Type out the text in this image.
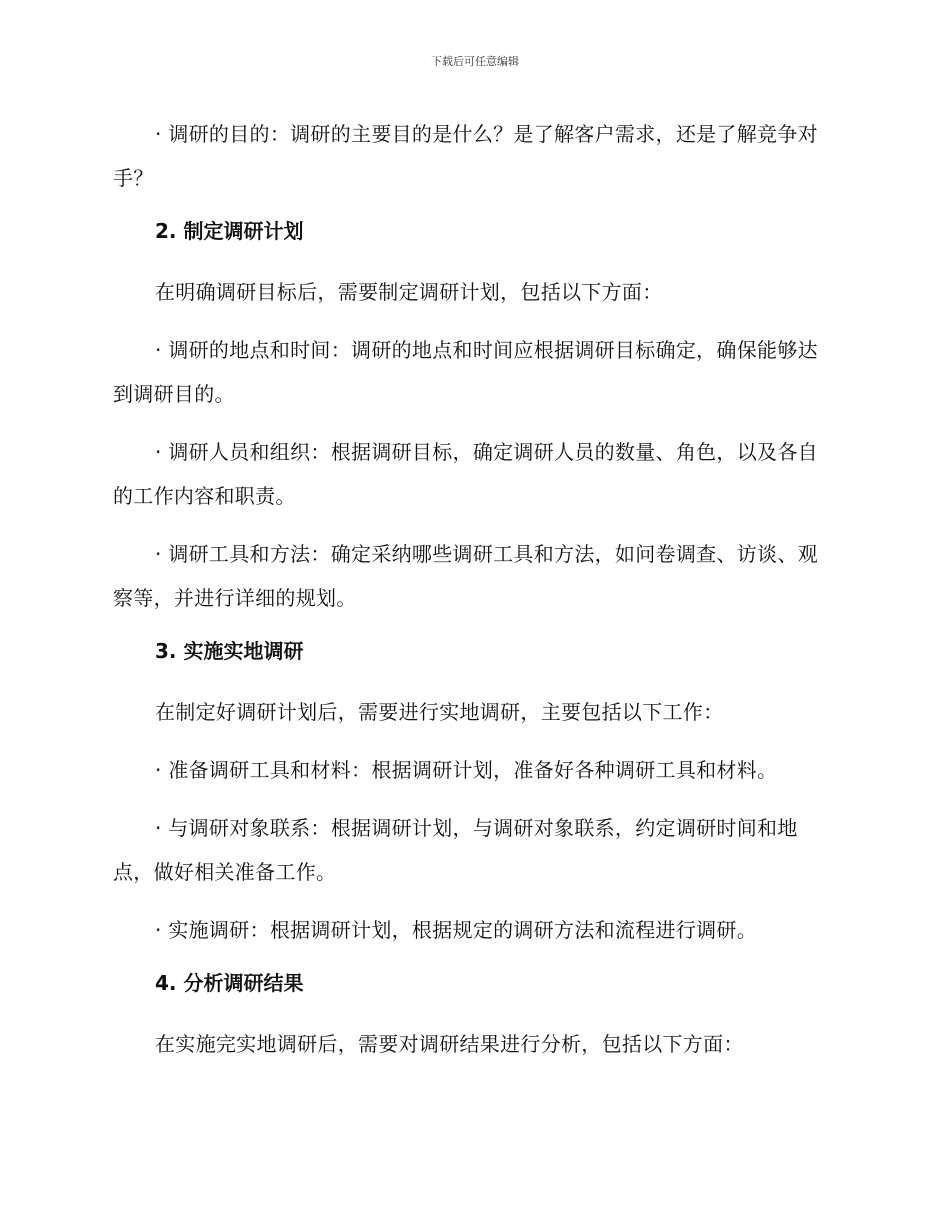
下载后可任意编辑

· 调研的目的：调研的主要目的是什么？是了解客户需求，还是了解竞争对手？

2. 制定调研计划

在明确调研目标后，需要制定调研计划，包括以下方面：

· 调研的地点和时间：调研的地点和时间应根据调研目标确定，确保能够达到调研目的。

· 调研人员和组织：根据调研目标，确定调研人员的数量、角色，以及各自的工作内容和职责。

· 调研工具和方法：确定采纳哪些调研工具和方法，如问卷调查、访谈、观察等，并进行详细的规划。

3. 实施实地调研

在制定好调研计划后，需要进行实地调研，主要包括以下工作：

· 准备调研工具和材料：根据调研计划，准备好各种调研工具和材料。

· 与调研对象联系：根据调研计划，与调研对象联系，约定调研时间和地点，做好相关准备工作。

· 实施调研：根据调研计划，根据规定的调研方法和流程进行调研。

4. 分析调研结果

在实施完实地调研后，需要对调研结果进行分析，包括以下方面：
